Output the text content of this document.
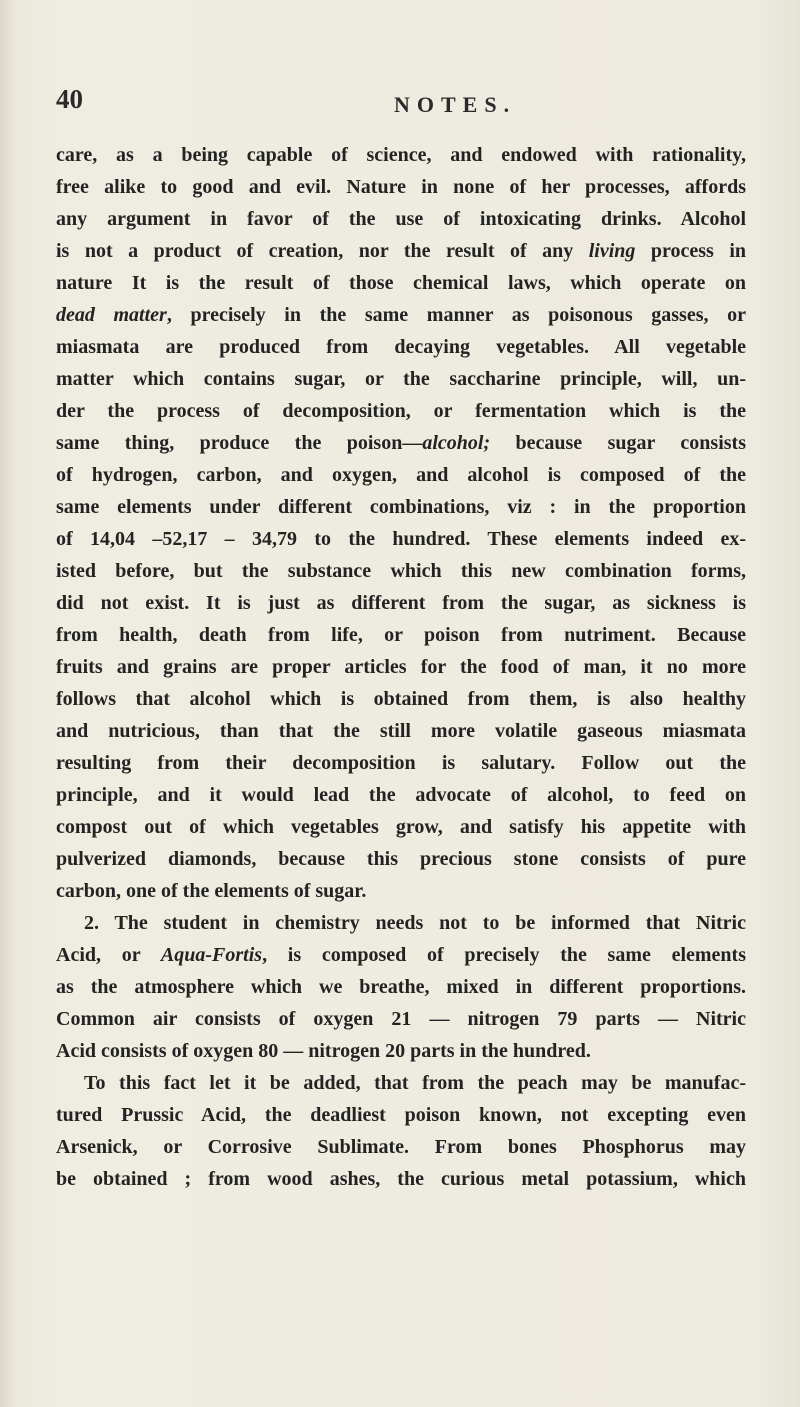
40	NOTES.
care, as a being capable of science, and endowed with rationality,
free alike to good and evil. Nature in none of her processes, affords
any argument in favor of the use of intoxicating drinks. Alcohol
is not a product of creation, nor the result of any living process in
nature It is the result of those chemical laws, which operate on
dead matter, precisely in the same manner as poisonous gasses, or
miasmata are produced from decaying vegetables. All vegetable
matter which contains sugar, or the saccharine principle, will, un-
der the process of decomposition, or fermentation which is the
same thing, produce the poison—alcohol; because sugar consists
of hydrogen, carbon, and oxygen, and alcohol is composed of the
same elements under different combinations, viz : in the proportion
of 14,04 –52,17 – 34,79 to the hundred. These elements indeed ex-
isted before, but the substance which this new combination forms,
did not exist. It is just as different from the sugar, as sickness is
from health, death from life, or poison from nutriment. Because
fruits and grains are proper articles for the food of man, it no more
follows that alcohol which is obtained from them, is also healthy
and nutricious, than that the still more volatile gaseous miasmata
resulting from their decomposition is salutary. Follow out the
principle, and it would lead the advocate of alcohol, to feed on
compost out of which vegetables grow, and satisfy his appetite with
pulverized diamonds, because this precious stone consists of pure
carbon, one of the elements of sugar.
2. The student in chemistry needs not to be informed that Nitric
Acid, or Aqua-Fortis, is composed of precisely the same elements
as the atmosphere which we breathe, mixed in different proportions.
Common air consists of oxygen 21 — nitrogen 79 parts — Nitric
Acid consists of oxygen 80 — nitrogen 20 parts in the hundred.
To this fact let it be added, that from the peach may be manufac-
tured Prussic Acid, the deadliest poison known, not excepting even
Arsenick, or Corrosive Sublimate. From bones Phosphorus may
be obtained ; from wood ashes, the curious metal potassium, which
